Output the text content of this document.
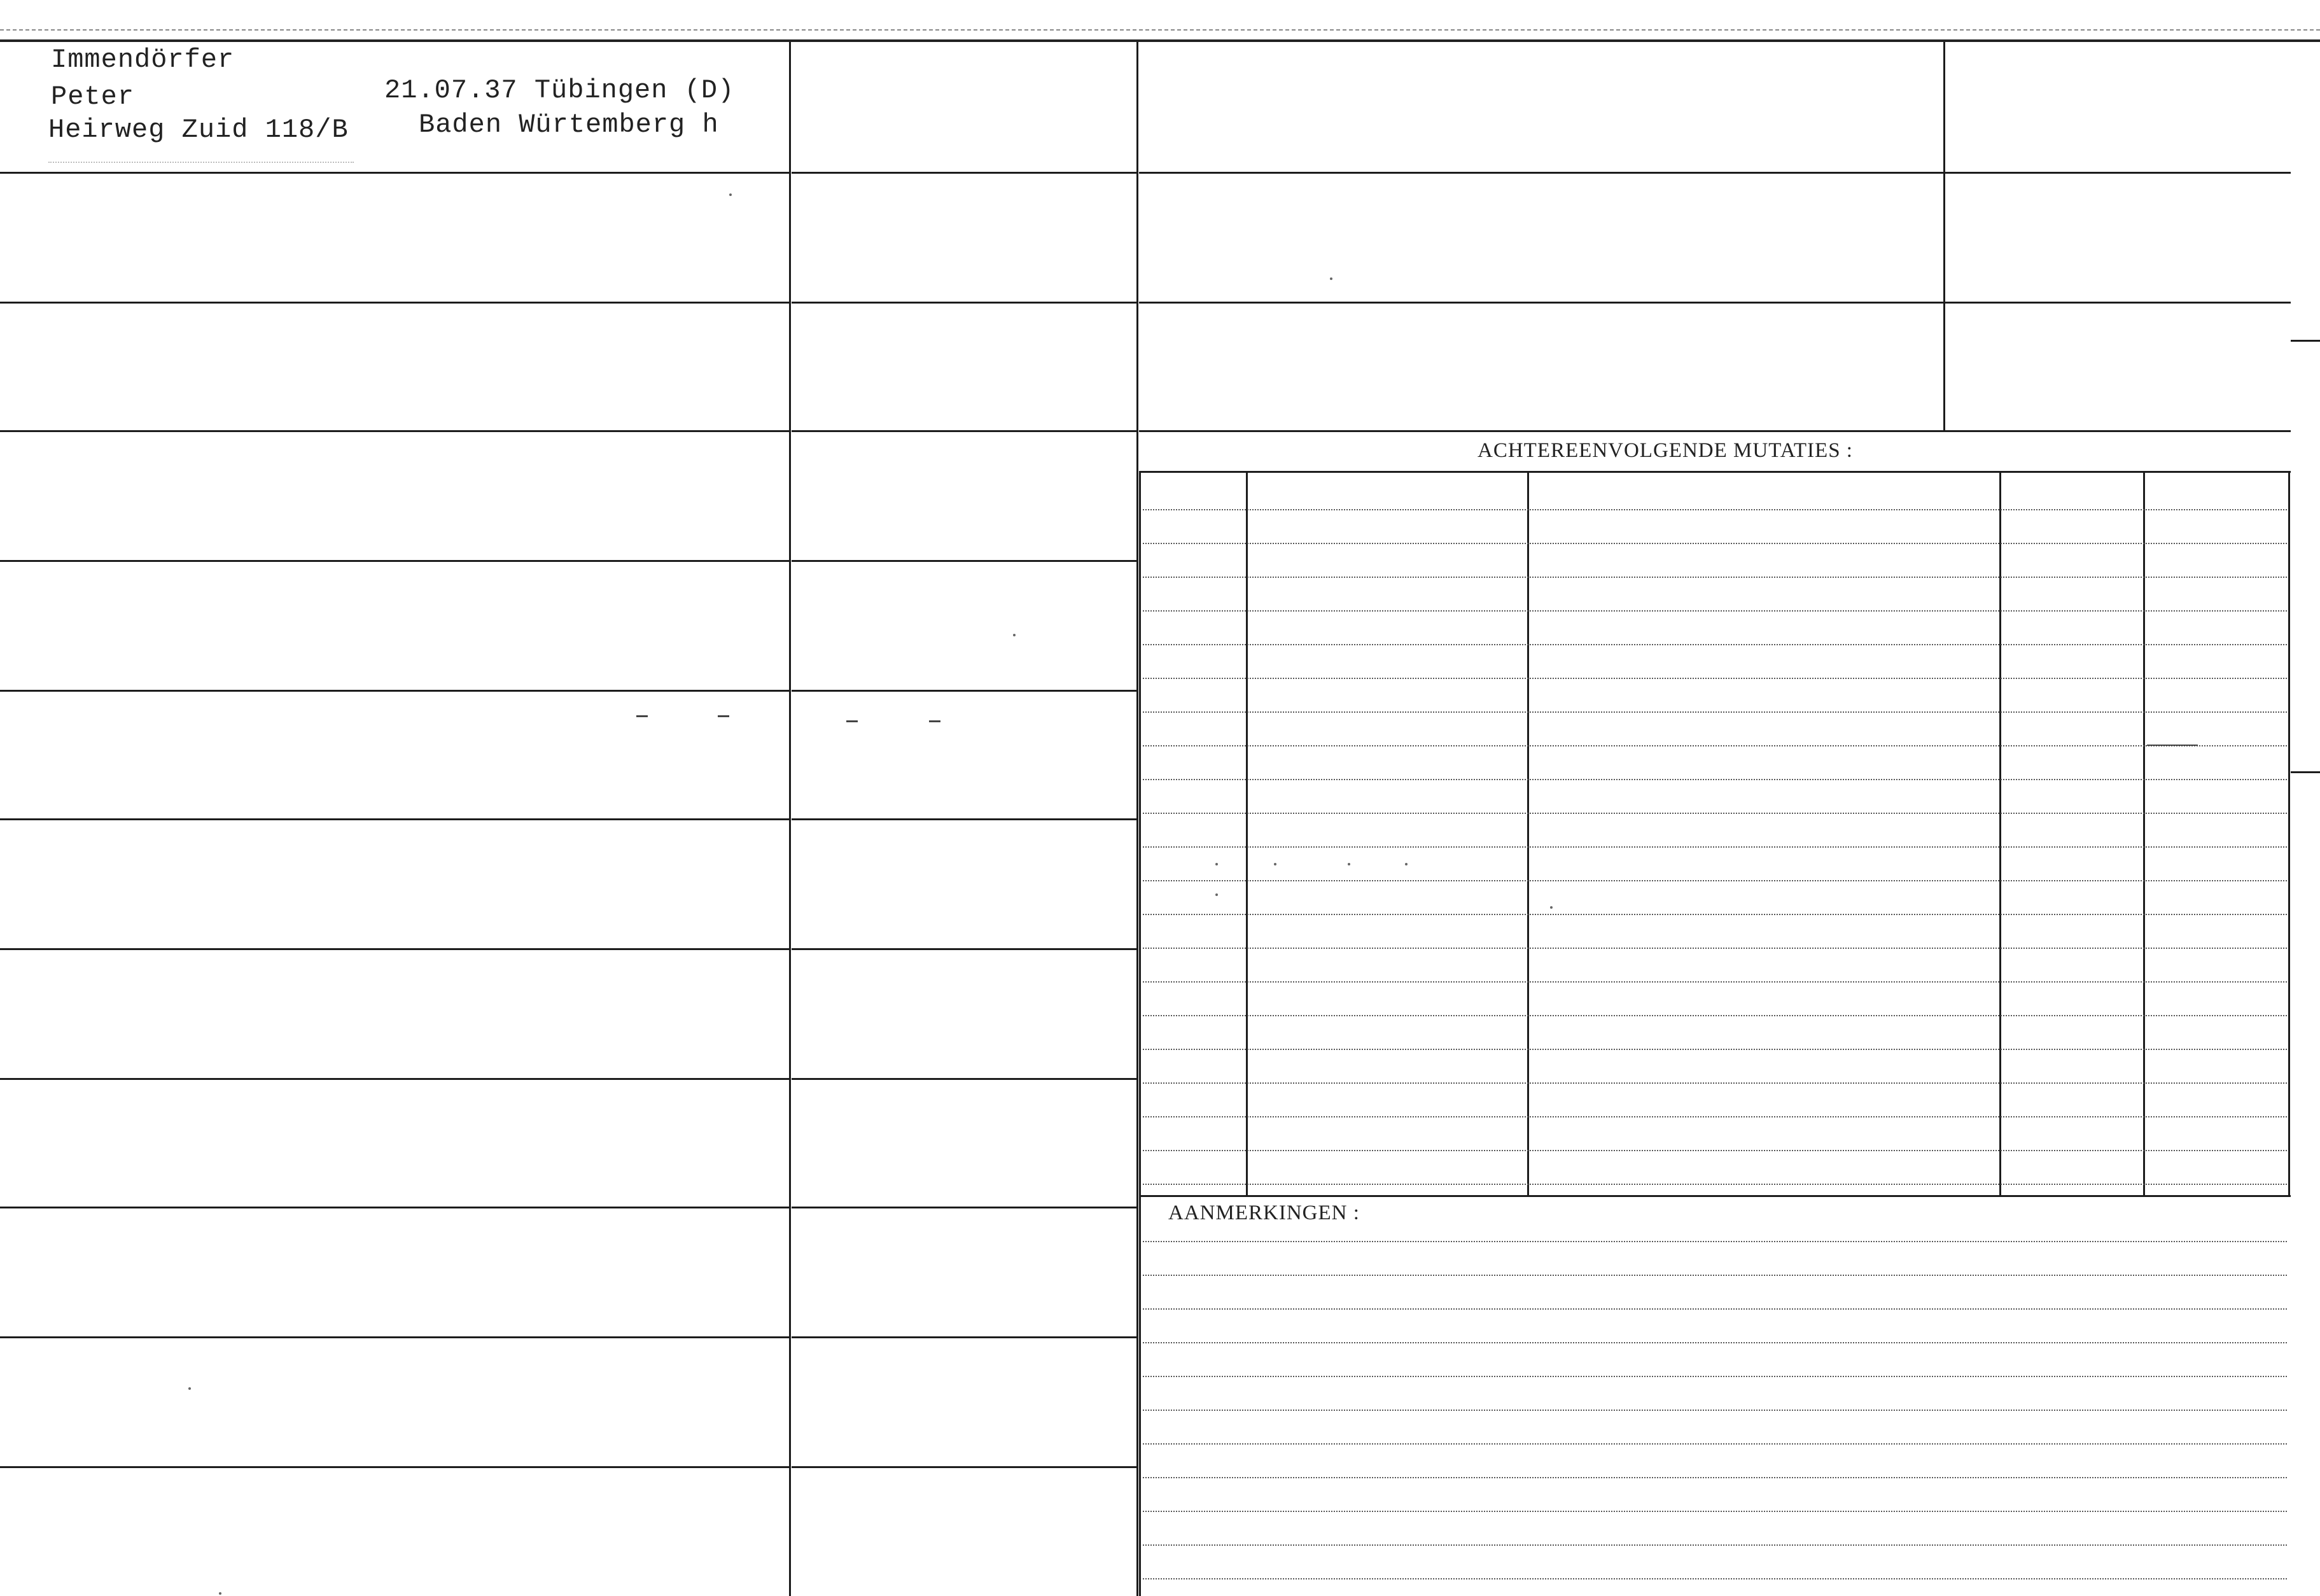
Immendörfer
Peter
Heirweg Zuid 118/B
21.07.37 Tübingen (D)
Baden Würtemberg h
ACHTEREENVOLGENDE MUTATIES :
AANMERKINGEN :
